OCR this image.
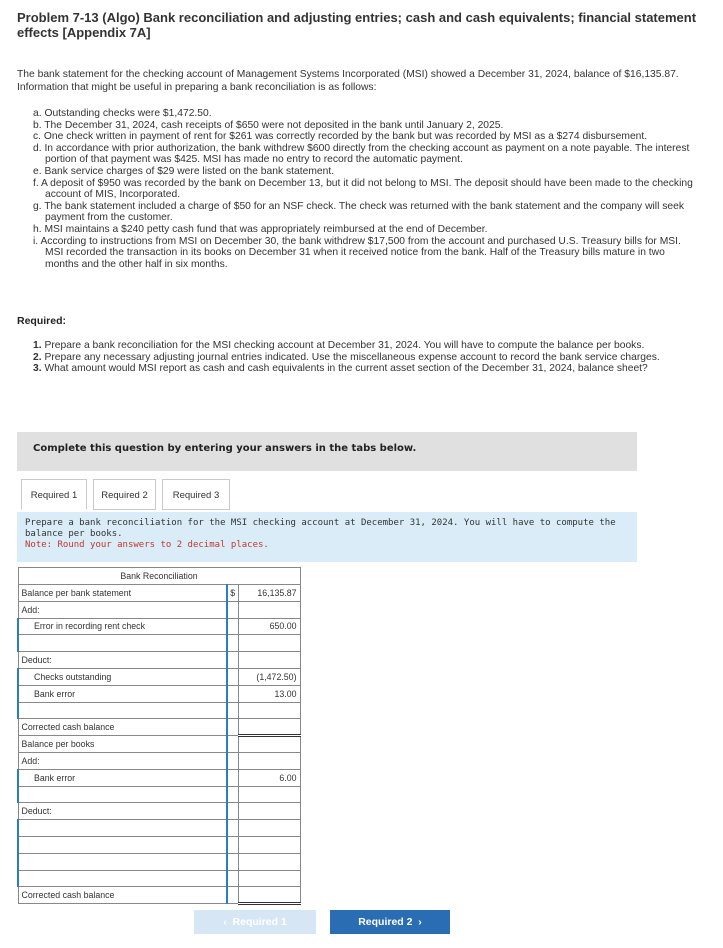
Problem 7-13 (Algo) Bank reconciliation and adjusting entries; cash and cash equivalents; financial statement effects [Appendix 7A]
The bank statement for the checking account of Management Systems Incorporated (MSI) showed a December 31, 2024, balance of $16,135.87. Information that might be useful in preparing a bank reconciliation is as follows:
a. Outstanding checks were $1,472.50.
b. The December 31, 2024, cash receipts of $650 were not deposited in the bank until January 2, 2025.
c. One check written in payment of rent for $261 was correctly recorded by the bank but was recorded by MSI as a $274 disbursement.
d. In accordance with prior authorization, the bank withdrew $600 directly from the checking account as payment on a note payable. The interest portion of that payment was $425. MSI has made no entry to record the automatic payment.
e. Bank service charges of $29 were listed on the bank statement.
f. A deposit of $950 was recorded by the bank on December 13, but it did not belong to MSI. The deposit should have been made to the checking account of MIS, Incorporated.
g. The bank statement included a charge of $50 for an NSF check. The check was returned with the bank statement and the company will seek payment from the customer.
h. MSI maintains a $240 petty cash fund that was appropriately reimbursed at the end of December.
i. According to instructions from MSI on December 30, the bank withdrew $17,500 from the account and purchased U.S. Treasury bills for MSI. MSI recorded the transaction in its books on December 31 when it received notice from the bank. Half of the Treasury bills mature in two months and the other half in six months.
Required:
1. Prepare a bank reconciliation for the MSI checking account at December 31, 2024. You will have to compute the balance per books.
2. Prepare any necessary adjusting journal entries indicated. Use the miscellaneous expense account to record the bank service charges.
3. What amount would MSI report as cash and cash equivalents in the current asset section of the December 31, 2024, balance sheet?
Complete this question by entering your answers in the tabs below.
Required 1	Required 2	Required 3
Prepare a bank reconciliation for the MSI checking account at December 31, 2024. You will have to compute the balance per books.
Note: Round your answers to 2 decimal places.
Bank Reconciliation		
Balance per bank statement	$	16,135.87
Add:		
Error in recording rent check		650.00

Deduct:		
Checks outstanding		(1,472.50)
Bank error		13.00

Corrected cash balance		
Balance per books		
Add:		
Bank error		6.00

Deduct:		

Corrected cash balance		
‹  Required 1	Required 2  ›
